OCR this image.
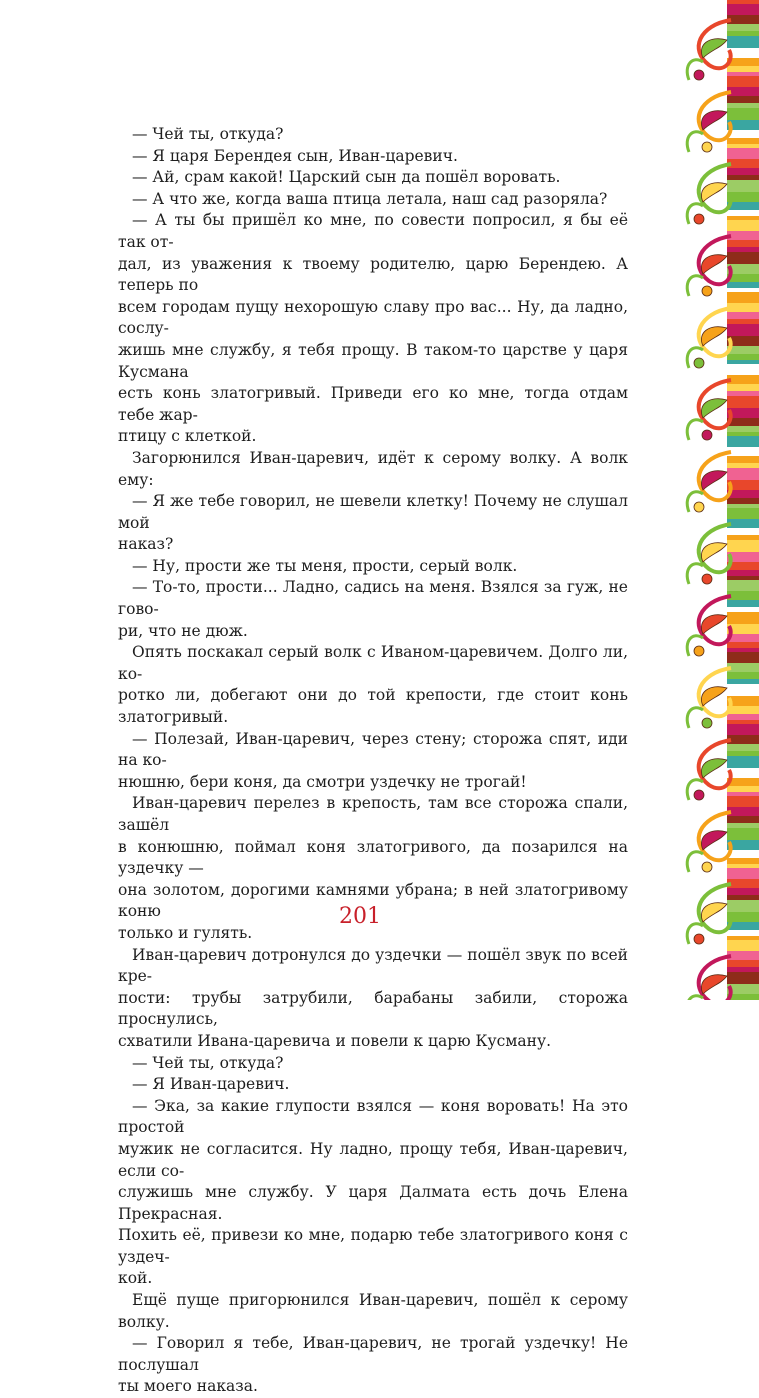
— Чей ты, откуда?

— Я царя Берендея сын, Иван-царевич.

— Ай, срам какой! Царский сын да пошёл воровать.

— А что же, когда ваша птица летала, наш сад разоряла?

— А ты бы пришёл ко мне, по совести попросил, я бы её так от-
дал, из уважения к твоему родителю, царю Берендею. А теперь по
всем городам пущу нехорошую славу про вас... Ну, да ладно, сослу-
жишь мне службу, я тебя прощу. В таком-то царстве у царя Кусмана
есть конь златогривый. Приведи его ко мне, тогда отдам тебе жар-
птицу с клеткой.

Загорюнился Иван-царевич, идёт к серому волку. А волк ему:

— Я же тебе говорил, не шевели клетку! Почему не слушал мой
наказ?

— Ну, прости же ты меня, прости, серый волк.

— То-то, прости... Ладно, садись на меня. Взялся за гуж, не гово-
ри, что не дюж.

Опять поскакал серый волк с Иваном-царевичем. Долго ли, ко-
ротко ли, добегают они до той крепости, где стоит конь златогривый.

— Полезай, Иван-царевич, через стену; сторожа спят, иди на ко-
нюшню, бери коня, да смотри уздечку не трогай!

Иван-царевич перелез в крепость, там все сторожа спали, зашёл
в конюшню, поймал коня златогривого, да позарился на уздечку —
она золотом, дорогими камнями убрана; в ней златогривому коню
только и гулять.

Иван-царевич дотронулся до уздечки — пошёл звук по всей кре-
пости: трубы затрубили, барабаны забили, сторожа проснулись,
схватили Ивана-царевича и повели к царю Кусману.

— Чей ты, откуда?

— Я Иван-царевич.

— Эка, за какие глупости взялся — коня воровать! На это простой
мужик не согласится. Ну ладно, прощу тебя, Иван-царевич, если со-
служишь мне службу. У царя Далмата есть дочь Елена Прекрасная.
Похить её, привези ко мне, подарю тебе златогривого коня с уздеч-
кой.

Ещё пуще пригорюнился Иван-царевич, пошёл к серому волку.

— Говорил я тебе, Иван-царевич, не трогай уздечку! Не послушал
ты моего наказа.

201
